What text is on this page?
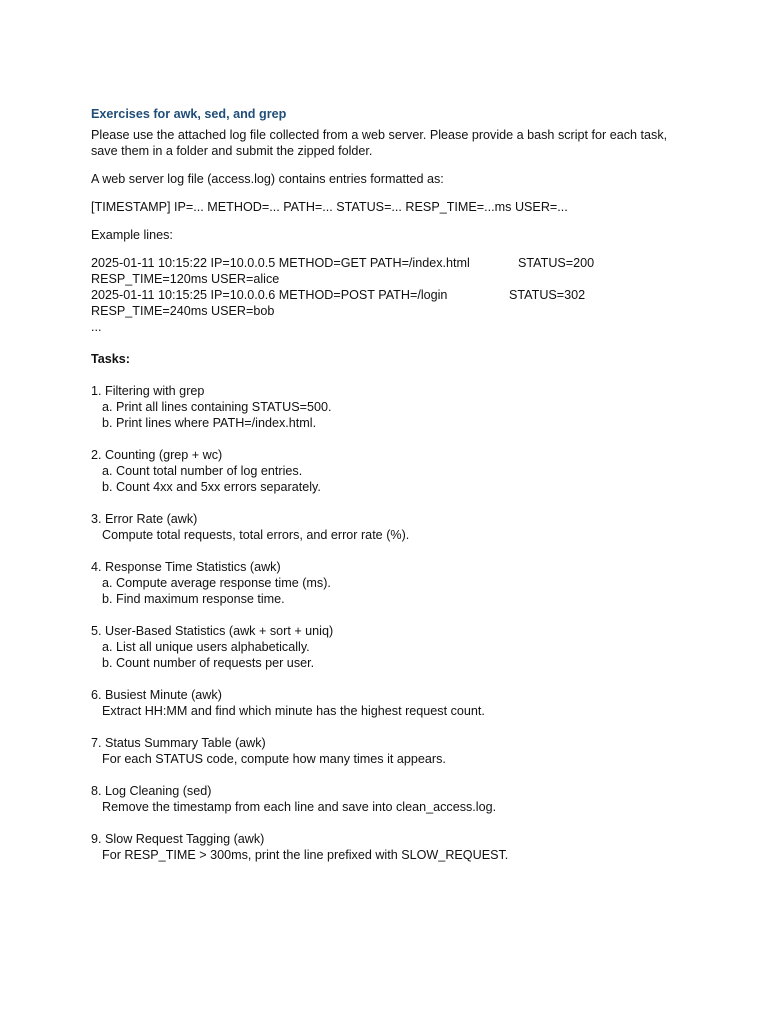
Exercises for awk, sed, and grep
Please use the attached log file collected from a web server. Please provide a bash script for each task, save them in a folder and submit the zipped folder.
A web server log file (access.log) contains entries formatted as:
[TIMESTAMP] IP=... METHOD=... PATH=... STATUS=... RESP_TIME=...ms USER=...
Example lines:
2025-01-11 10:15:22 IP=10.0.0.5 METHOD=GET PATH=/index.html	STATUS=200
RESP_TIME=120ms USER=alice
2025-01-11 10:15:25 IP=10.0.0.6 METHOD=POST PATH=/login	STATUS=302
RESP_TIME=240ms USER=bob
...
Tasks:
1. Filtering with grep
a. Print all lines containing STATUS=500.
b. Print lines where PATH=/index.html.
2. Counting (grep + wc)
a. Count total number of log entries.
b. Count 4xx and 5xx errors separately.
3. Error Rate (awk)
Compute total requests, total errors, and error rate (%).
4. Response Time Statistics (awk)
a. Compute average response time (ms).
b. Find maximum response time.
5. User-Based Statistics (awk + sort + uniq)
a. List all unique users alphabetically.
b. Count number of requests per user.
6. Busiest Minute (awk)
Extract HH:MM and find which minute has the highest request count.
7. Status Summary Table (awk)
For each STATUS code, compute how many times it appears.
8. Log Cleaning (sed)
Remove the timestamp from each line and save into clean_access.log.
9. Slow Request Tagging (awk)
For RESP_TIME > 300ms, print the line prefixed with SLOW_REQUEST.
